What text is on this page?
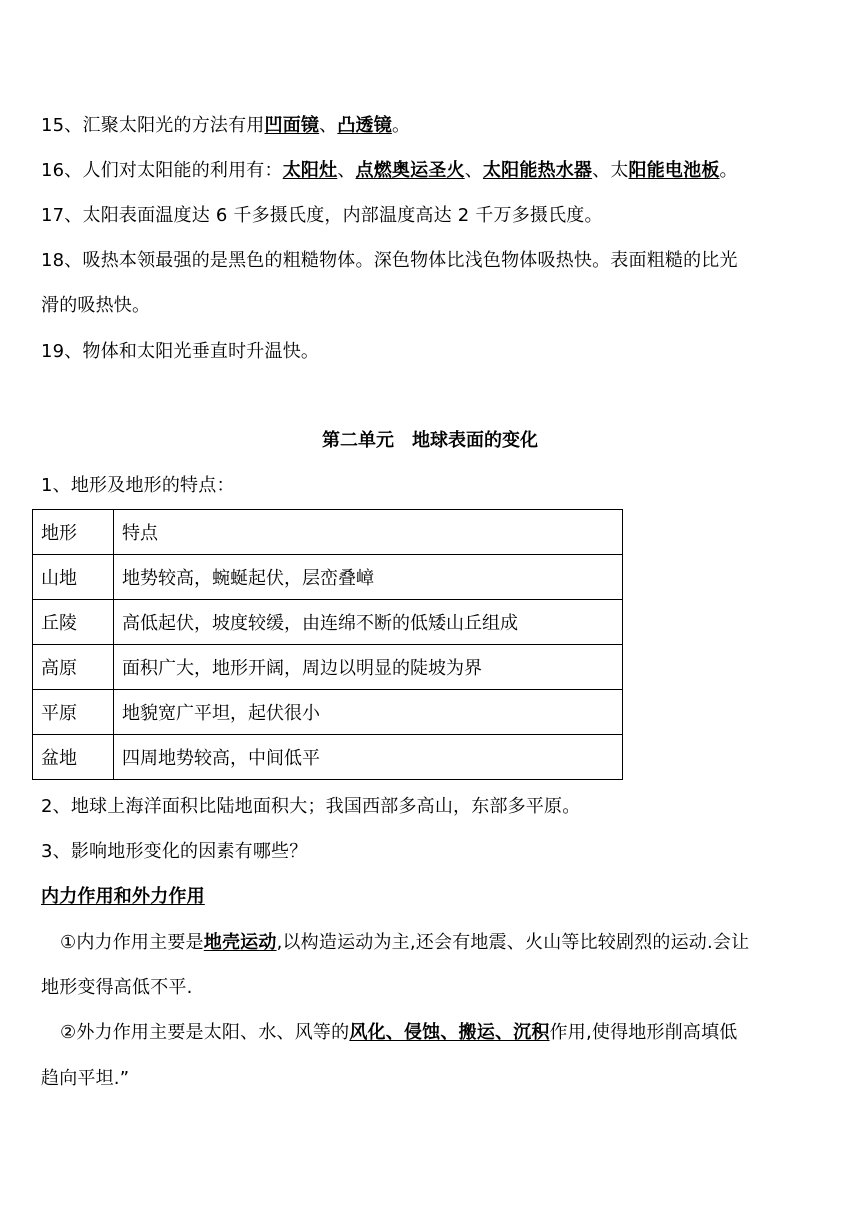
15、汇聚太阳光的方法有用凹面镜、凸透镜。
16、人们对太阳能的利用有：太阳灶、点燃奥运圣火、太阳能热水器、太阳能电池板。
17、太阳表面温度达 6 千多摄氏度，内部温度高达 2 千万多摄氏度。
18、吸热本领最强的是黑色的粗糙物体。深色物体比浅色物体吸热快。表面粗糙的比光
滑的吸热快。
19、物体和太阳光垂直时升温快。
第二单元　地球表面的变化
1、地形及地形的特点：
地形	特点
山地	地势较高，蜿蜒起伏，层峦叠嶂
丘陵	高低起伏，坡度较缓，由连绵不断的低矮山丘组成
高原	面积广大，地形开阔，周边以明显的陡坡为界
平原	地貌宽广平坦，起伏很小
盆地	四周地势较高，中间低平
2、地球上海洋面积比陆地面积大；我国西部多高山，东部多平原。
3、影响地形变化的因素有哪些？
内力作用和外力作用
①内力作用主要是地壳运动,以构造运动为主,还会有地震、火山等比较剧烈的运动.会让
地形变得高低不平.
②外力作用主要是太阳、水、风等的风化、侵蚀、搬运、沉积作用,使得地形削高填低
趋向平坦.”
